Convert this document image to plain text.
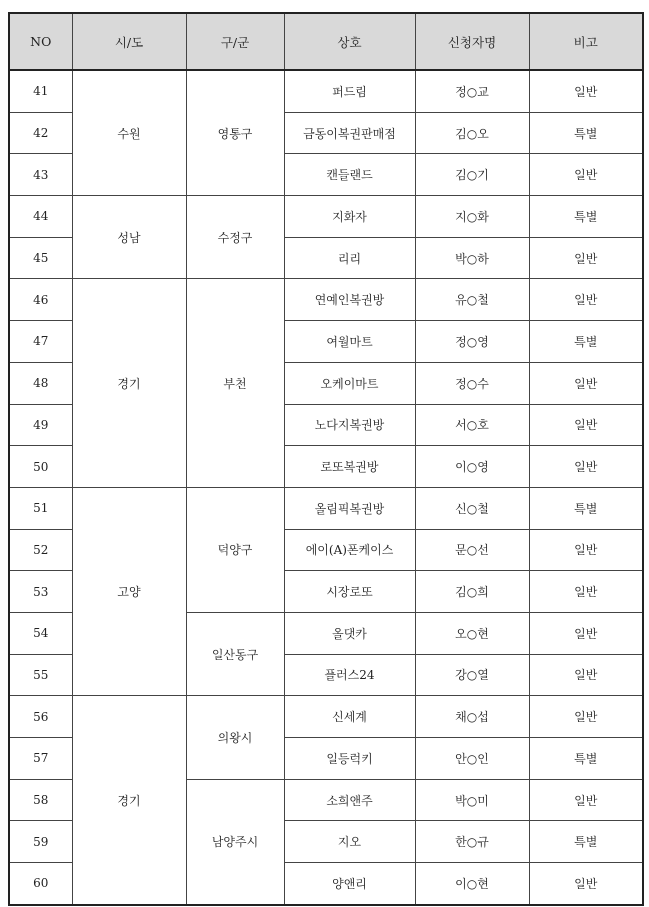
NO	시/도	구/군	상호	신청자명	비고
41	수원	영통구	퍼드림	정○교	일반
42			금동이복권판매점	김○오	특별
43			캔들랜드	김○기	일반
44	성남	수정구	지화자	지○화	특별
45			리리	박○하	일반
46	경기	부천	연예인복권방	유○철	일반
47			여월마트	정○영	특별
48			오케이마트	정○수	일반
49			노다지복권방	서○호	일반
50			로또복권방	이○영	일반
51	고양	덕양구	올림픽복권방	신○철	특별
52			에이(A)폰케이스	문○선	일반
53			시장로또	김○희	일반
54		일산동구	올댓카	오○현	일반
55			플러스24	강○열	일반
56	경기	의왕시	신세계	채○섭	일반
57			일등럭키	안○인	특별
58		남양주시	소희앤주	박○미	일반
59			지오	한○규	특별
60			양앤리	이○현	일반
